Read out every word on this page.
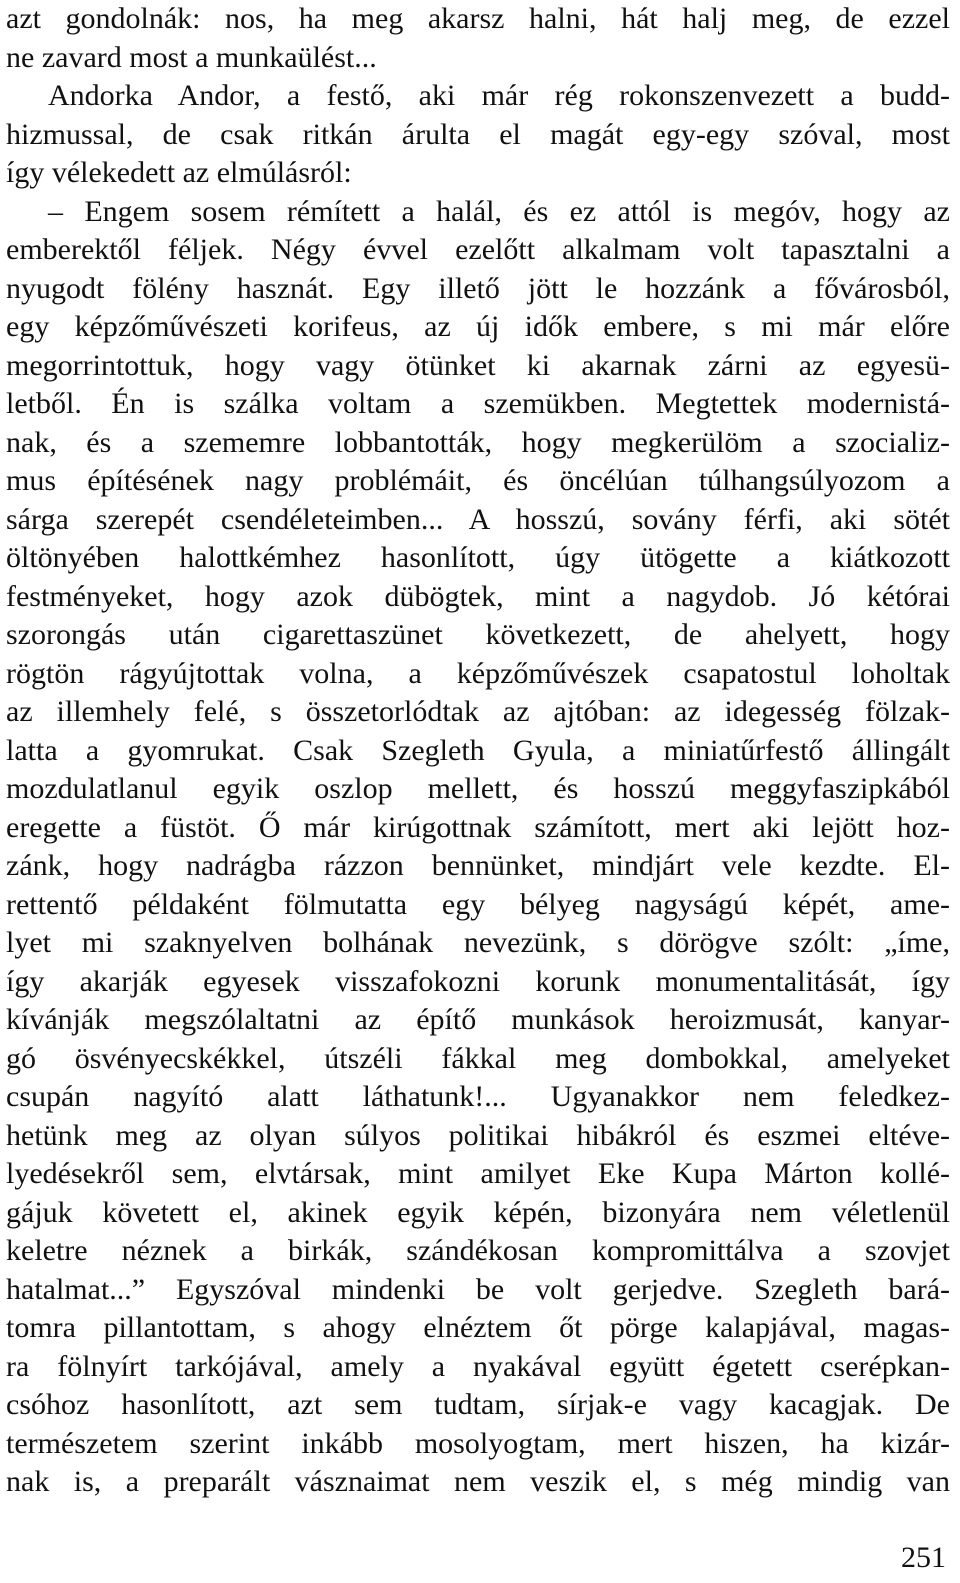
azt gondolnák: nos, ha meg akarsz halni, hát halj meg, de ezzel
ne zavard most a munkaülést...
Andorka Andor, a festő, aki már rég rokonszenvezett a budd-
hizmussal, de csak ritkán árulta el magát egy-egy szóval, most
így vélekedett az elmúlásról:
– Engem sosem rémített a halál, és ez attól is megóv, hogy az
emberektől féljek. Négy évvel ezelőtt alkalmam volt tapasztalni a
nyugodt fölény hasznát. Egy illető jött le hozzánk a fővárosból,
egy képzőművészeti korifeus, az új idők embere, s mi már előre
megorrintottuk, hogy vagy ötünket ki akarnak zárni az egyesü-
letből. Én is szálka voltam a szemükben. Megtettek modernistá-
nak, és a szememre lobbantották, hogy megkerülöm a szocializ-
mus építésének nagy problémáit, és öncélúan túlhangsúlyozom a
sárga szerepét csendéleteimben... A hosszú, sovány férfi, aki sötét
öltönyében halottkémhez hasonlított, úgy ütögette a kiátkozott
festményeket, hogy azok dübögtek, mint a nagydob. Jó kétórai
szorongás után cigarettaszünet következett, de ahelyett, hogy
rögtön rágyújtottak volna, a képzőművészek csapatostul loholtak
az illemhely felé, s összetorlódtak az ajtóban: az idegesség fölzak-
latta a gyomrukat. Csak Szegleth Gyula, a miniatűrfestő állingált
mozdulatlanul egyik oszlop mellett, és hosszú meggyfaszipkából
eregette a füstöt. Ő már kirúgottnak számított, mert aki lejött hoz-
zánk, hogy nadrágba rázzon bennünket, mindjárt vele kezdte. El-
rettentő példaként fölmutatta egy bélyeg nagyságú képét, ame-
lyet mi szaknyelven bolhának nevezünk, s dörögve szólt: „íme,
így akarják egyesek visszafokozni korunk monumentalitását, így
kívánják megszólaltatni az építő munkások heroizmusát, kanyar-
gó ösvényecskékkel, útszéli fákkal meg dombokkal, amelyeket
csupán nagyító alatt láthatunk!... Ugyanakkor nem feledkez-
hetünk meg az olyan súlyos politikai hibákról és eszmei eltéve-
lyedésekről sem, elvtársak, mint amilyet Eke Kupa Márton kollé-
gájuk követett el, akinek egyik képén, bizonyára nem véletlenül
keletre néznek a birkák, szándékosan kompromittálva a szovjet
hatalmat...” Egyszóval mindenki be volt gerjedve. Szegleth bará-
tomra pillantottam, s ahogy elnéztem őt pörge kalapjával, magas-
ra fölnyírt tarkójával, amely a nyakával együtt égetett cserépkan-
csóhoz hasonlított, azt sem tudtam, sírjak-e vagy kacagjak. De
természetem szerint inkább mosolyogtam, mert hiszen, ha kizár-
nak is, a preparált vásznaimat nem veszik el, s még mindig van
251
